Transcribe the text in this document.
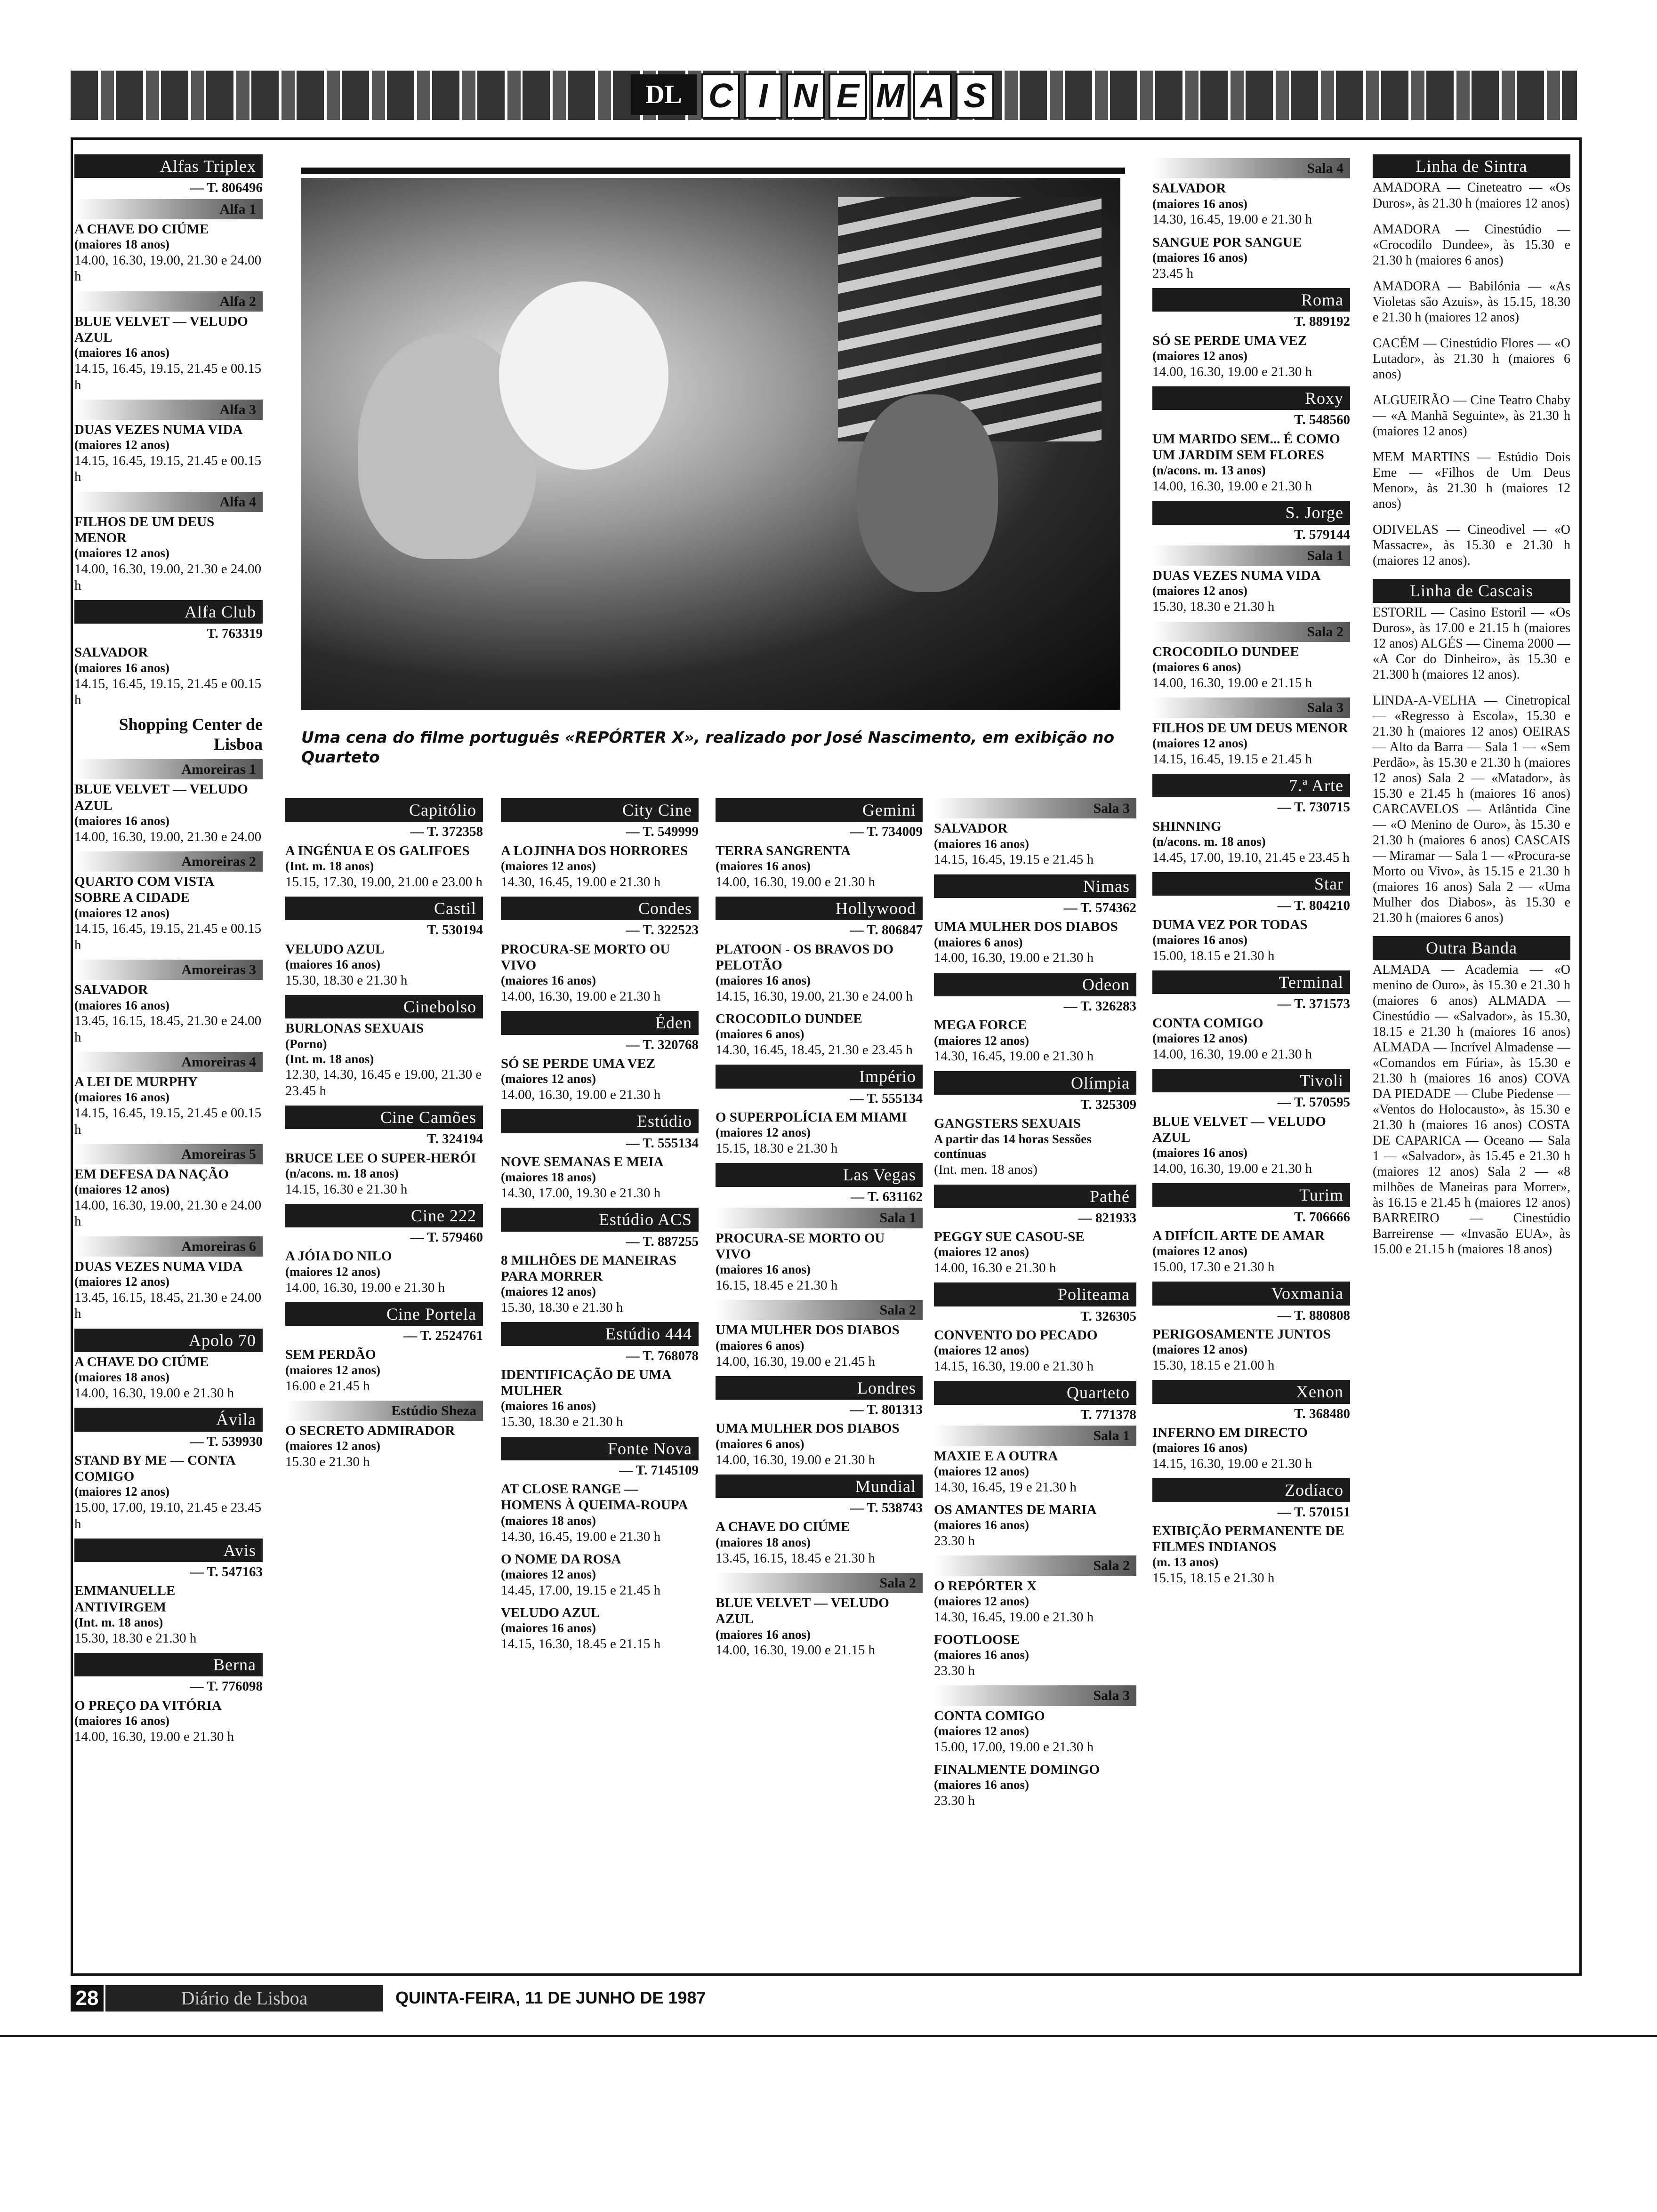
DL C I N E M A S
Uma cena do filme português «REPÓRTER X», realizado por José Nascimento, em exibição no Quarteto
Alfas Triplex
— T. 806496
Alfa 1
A CHAVE DO CIÚME
(maiores 18 anos)
14.00, 16.30, 19.00, 21.30 e 24.00 h
Alfa 2
BLUE VELVET — VELUDO AZUL
(maiores 16 anos)
14.15, 16.45, 19.15, 21.45 e 00.15 h
Alfa 3
DUAS VEZES NUMA VIDA
(maiores 12 anos)
14.15, 16.45, 19.15, 21.45 e 00.15 h
Alfa 4
FILHOS DE UM DEUS MENOR
(maiores 12 anos)
14.00, 16.30, 19.00, 21.30 e 24.00 h
Alfa Club
T. 763319
SALVADOR
(maiores 16 anos)
14.15, 16.45, 19.15, 21.45 e 00.15 h
Shopping Center de Lisboa
Amoreiras 1
BLUE VELVET — VELUDO AZUL
(maiores 16 anos)
14.00, 16.30, 19.00, 21.30 e 24.00
Amoreiras 2
QUARTO COM VISTA SOBRE A CIDADE
(maiores 12 anos)
14.15, 16.45, 19.15, 21.45 e 00.15 h
Amoreiras 3
SALVADOR
(maiores 16 anos)
13.45, 16.15, 18.45, 21.30 e 24.00 h
Amoreiras 4
A LEI DE MURPHY
(maiores 16 anos)
14.15, 16.45, 19.15, 21.45 e 00.15 h
Amoreiras 5
EM DEFESA DA NAÇÃO
(maiores 12 anos)
14.00, 16.30, 19.00, 21.30 e 24.00 h
Amoreiras 6
DUAS VEZES NUMA VIDA
(maiores 12 anos)
13.45, 16.15, 18.45, 21.30 e 24.00 h
Apolo 70
A CHAVE DO CIÚME
(maiores 18 anos)
14.00, 16.30, 19.00 e 21.30 h
Ávila
— T. 539930
STAND BY ME — CONTA COMIGO
(maiores 12 anos)
15.00, 17.00, 19.10, 21.45 e 23.45 h
Avis
— T. 547163
EMMANUELLE ANTIVIRGEM
(Int. m. 18 anos)
15.30, 18.30 e 21.30 h
Berna
— T. 776098
O PREÇO DA VITÓRIA
(maiores 16 anos)
14.00, 16.30, 19.00 e 21.30 h
Capitólio
— T. 372358
A INGÉNUA E OS GALIFOES
(Int. m. 18 anos)
15.15, 17.30, 19.00, 21.00 e 23.00 h
Castil
T. 530194
VELUDO AZUL
(maiores 16 anos)
15.30, 18.30 e 21.30 h
Cinebolso
BURLONAS SEXUAIS
(Porno)
(Int. m. 18 anos)
12.30, 14.30, 16.45 e 19.00, 21.30 e 23.45 h
Cine Camões
T. 324194
BRUCE LEE O SUPER-HERÓI
(n/acons. m. 18 anos)
14.15, 16.30 e 21.30 h
Cine 222
— T. 579460
A JÓIA DO NILO
(maiores 12 anos)
14.00, 16.30, 19.00 e 21.30 h
Cine Portela
— T. 2524761
SEM PERDÃO
(maiores 12 anos)
16.00 e 21.45 h
Estúdio Sheza
O SECRETO ADMIRADOR
(maiores 12 anos)
15.30 e 21.30 h
City Cine
— T. 549999
A LOJINHA DOS HORRORES
(maiores 12 anos)
14.30, 16.45, 19.00 e 21.30 h
Condes
— T. 322523
PROCURA-SE MORTO OU VIVO
(maiores 16 anos)
14.00, 16.30, 19.00 e 21.30 h
Éden
— T. 320768
SÓ SE PERDE UMA VEZ
(maiores 12 anos)
14.00, 16.30, 19.00 e 21.30 h
Estúdio
— T. 555134
NOVE SEMANAS E MEIA
(maiores 18 anos)
14.30, 17.00, 19.30 e 21.30 h
Estúdio ACS
— T. 887255
8 MILHÕES DE MANEIRAS PARA MORRER
(maiores 12 anos)
15.30, 18.30 e 21.30 h
Estúdio 444
— T. 768078
IDENTIFICAÇÃO DE UMA MULHER
(maiores 16 anos)
15.30, 18.30 e 21.30 h
Fonte Nova
— T. 7145109
AT CLOSE RANGE — HOMENS À QUEIMA-ROUPA
(maiores 18 anos)
14.30, 16.45, 19.00 e 21.30 h
O NOME DA ROSA
(maiores 12 anos)
14.45, 17.00, 19.15 e 21.45 h
VELUDO AZUL
(maiores 16 anos)
14.15, 16.30, 18.45 e 21.15 h
Gemini
— T. 734009
TERRA SANGRENTA
(maiores 16 anos)
14.00, 16.30, 19.00 e 21.30 h
Hollywood
— T. 806847
PLATOON - OS BRAVOS DO PELOTÃO
(maiores 16 anos)
14.15, 16.30, 19.00, 21.30 e 24.00 h
CROCODILO DUNDEE
(maiores 6 anos)
14.30, 16.45, 18.45, 21.30 e 23.45 h
Império
— T. 555134
O SUPERPOLÍCIA EM MIAMI
(maiores 12 anos)
15.15, 18.30 e 21.30 h
Las Vegas
— T. 631162
Sala 1
PROCURA-SE MORTO OU VIVO
(maiores 16 anos)
16.15, 18.45 e 21.30 h
Sala 2
UMA MULHER DOS DIABOS
(maiores 6 anos)
14.00, 16.30, 19.00 e 21.45 h
Londres
— T. 801313
UMA MULHER DOS DIABOS
(maiores 6 anos)
14.00, 16.30, 19.00 e 21.30 h
Mundial
— T. 538743
A CHAVE DO CIÚME
(maiores 18 anos)
13.45, 16.15, 18.45 e 21.30 h
Sala 2
BLUE VELVET — VELUDO AZUL
(maiores 16 anos)
14.00, 16.30, 19.00 e 21.15 h
Sala 3
SALVADOR
(maiores 16 anos)
14.15, 16.45, 19.15 e 21.45 h
Nimas
— T. 574362
UMA MULHER DOS DIABOS
(maiores 6 anos)
14.00, 16.30, 19.00 e 21.30 h
Odeon
— T. 326283
MEGA FORCE
(maiores 12 anos)
14.30, 16.45, 19.00 e 21.30 h
Olímpia
T. 325309
GANGSTERS SEXUAIS
A partir das 14 horas Sessões contínuas
(Int. men. 18 anos)
Pathé
— 821933
PEGGY SUE CASOU-SE
(maiores 12 anos)
14.00, 16.30 e 21.30 h
Politeama
T. 326305
CONVENTO DO PECADO
(maiores 12 anos)
14.15, 16.30, 19.00 e 21.30 h
Quarteto
T. 771378
Sala 1
MAXIE E A OUTRA
(maiores 12 anos)
14.30, 16.45, 19 e 21.30 h
OS AMANTES DE MARIA
(maiores 16 anos)
23.30 h
Sala 2
O REPÓRTER X
(maiores 12 anos)
14.30, 16.45, 19.00 e 21.30 h
FOOTLOOSE
(maiores 16 anos)
23.30 h
Sala 3
CONTA COMIGO
(maiores 12 anos)
15.00, 17.00, 19.00 e 21.30 h
FINALMENTE DOMINGO
(maiores 16 anos)
23.30 h
Sala 4
SALVADOR
(maiores 16 anos)
14.30, 16.45, 19.00 e 21.30 h
SANGUE POR SANGUE
(maiores 16 anos)
23.45 h
Roma
T. 889192
SÓ SE PERDE UMA VEZ
(maiores 12 anos)
14.00, 16.30, 19.00 e 21.30 h
Roxy
T. 548560
UM MARIDO SEM... É COMO UM JARDIM SEM FLORES
(n/acons. m. 13 anos)
14.00, 16.30, 19.00 e 21.30 h
S. Jorge
T. 579144
Sala 1
DUAS VEZES NUMA VIDA
(maiores 12 anos)
15.30, 18.30 e 21.30 h
Sala 2
CROCODILO DUNDEE
(maiores 6 anos)
14.00, 16.30, 19.00 e 21.15 h
Sala 3
FILHOS DE UM DEUS MENOR
(maiores 12 anos)
14.15, 16.45, 19.15 e 21.45 h
7.ª Arte
— T. 730715
SHINNING
(n/acons. m. 18 anos)
14.45, 17.00, 19.10, 21.45 e 23.45 h
Star
— T. 804210
DUMA VEZ POR TODAS
(maiores 16 anos)
15.00, 18.15 e 21.30 h
Terminal
— T. 371573
CONTA COMIGO
(maiores 12 anos)
14.00, 16.30, 19.00 e 21.30 h
Tivoli
— T. 570595
BLUE VELVET — VELUDO AZUL
(maiores 16 anos)
14.00, 16.30, 19.00 e 21.30 h
Turim
T. 706666
A DIFÍCIL ARTE DE AMAR
(maiores 12 anos)
15.00, 17.30 e 21.30 h
Voxmania
— T. 880808
PERIGOSAMENTE JUNTOS
(maiores 12 anos)
15.30, 18.15 e 21.00 h
Xenon
T. 368480
INFERNO EM DIRECTO
(maiores 16 anos)
14.15, 16.30, 19.00 e 21.30 h
Zodíaco
— T. 570151
EXIBIÇÃO PERMANENTE DE FILMES INDIANOS
(m. 13 anos)
15.15, 18.15 e 21.30 h
Linha de Sintra
AMADORA — Cineteatro — «Os Duros», às 21.30 h (maiores 12 anos)
AMADORA — Cinestúdio — «Crocodilo Dundee», às 15.30 e 21.30 h (maiores 6 anos)
AMADORA — Babilónia — «As Violetas são Azuis», às 15.15, 18.30 e 21.30 h (maiores 12 anos)
CACÉM — Cinestúdio Flores — «O Lutador», às 21.30 h (maiores 6 anos)
ALGUEIRÃO — Cine Teatro Chaby — «A Manhã Seguinte», às 21.30 h (maiores 12 anos)
MEM MARTINS — Estúdio Dois Eme — «Filhos de Um Deus Menor», às 21.30 h (maiores 12 anos)
ODIVELAS — Cineodivel — «O Massacre», às 15.30 e 21.30 h (maiores 12 anos).
Linha de Cascais
ESTORIL — Casino Estoril — «Os Duros», às 17.00 e 21.15 h (maiores 12 anos) ALGÉS — Cinema 2000 — «A Cor do Dinheiro», às 15.30 e 21.300 h (maiores 12 anos).
LINDA-A-VELHA — Cinetropical — «Regresso à Escola», 15.30 e 21.30 h (maiores 12 anos) OEIRAS — Alto da Barra — Sala 1 — «Sem Perdão», às 15.30 e 21.30 h (maiores 12 anos) Sala 2 — «Matador», às 15.30 e 21.45 h (maiores 16 anos) CARCAVELOS — Atlântida Cine — «O Menino de Ouro», às 15.30 e 21.30 h (maiores 6 anos) CASCAIS — Miramar — Sala 1 — «Procura-se Morto ou Vivo», às 15.15 e 21.30 h (maiores 16 anos) Sala 2 — «Uma Mulher dos Diabos», às 15.30 e 21.30 h (maiores 6 anos)
Outra Banda
ALMADA — Academia — «O menino de Ouro», às 15.30 e 21.30 h (maiores 6 anos) ALMADA — Cinestúdio — «Salvador», às 15.30, 18.15 e 21.30 h (maiores 16 anos) ALMADA — Incrível Almadense — «Comandos em Fúria», às 15.30 e 21.30 h (maiores 16 anos) COVA DA PIEDADE — Clube Piedense — «Ventos do Holocausto», às 15.30 e 21.30 h (maiores 16 anos) COSTA DE CAPARICA — Oceano — Sala 1 — «Salvador», às 15.45 e 21.30 h (maiores 12 anos) Sala 2 — «8 milhões de Maneiras para Morrer», às 16.15 e 21.45 h (maiores 12 anos) BARREIRO — Cinestúdio Barreirense — «Invasão EUA», às 15.00 e 21.15 h (maiores 18 anos)
28	Diário de Lisboa	QUINTA-FEIRA, 11 DE JUNHO DE 1987
